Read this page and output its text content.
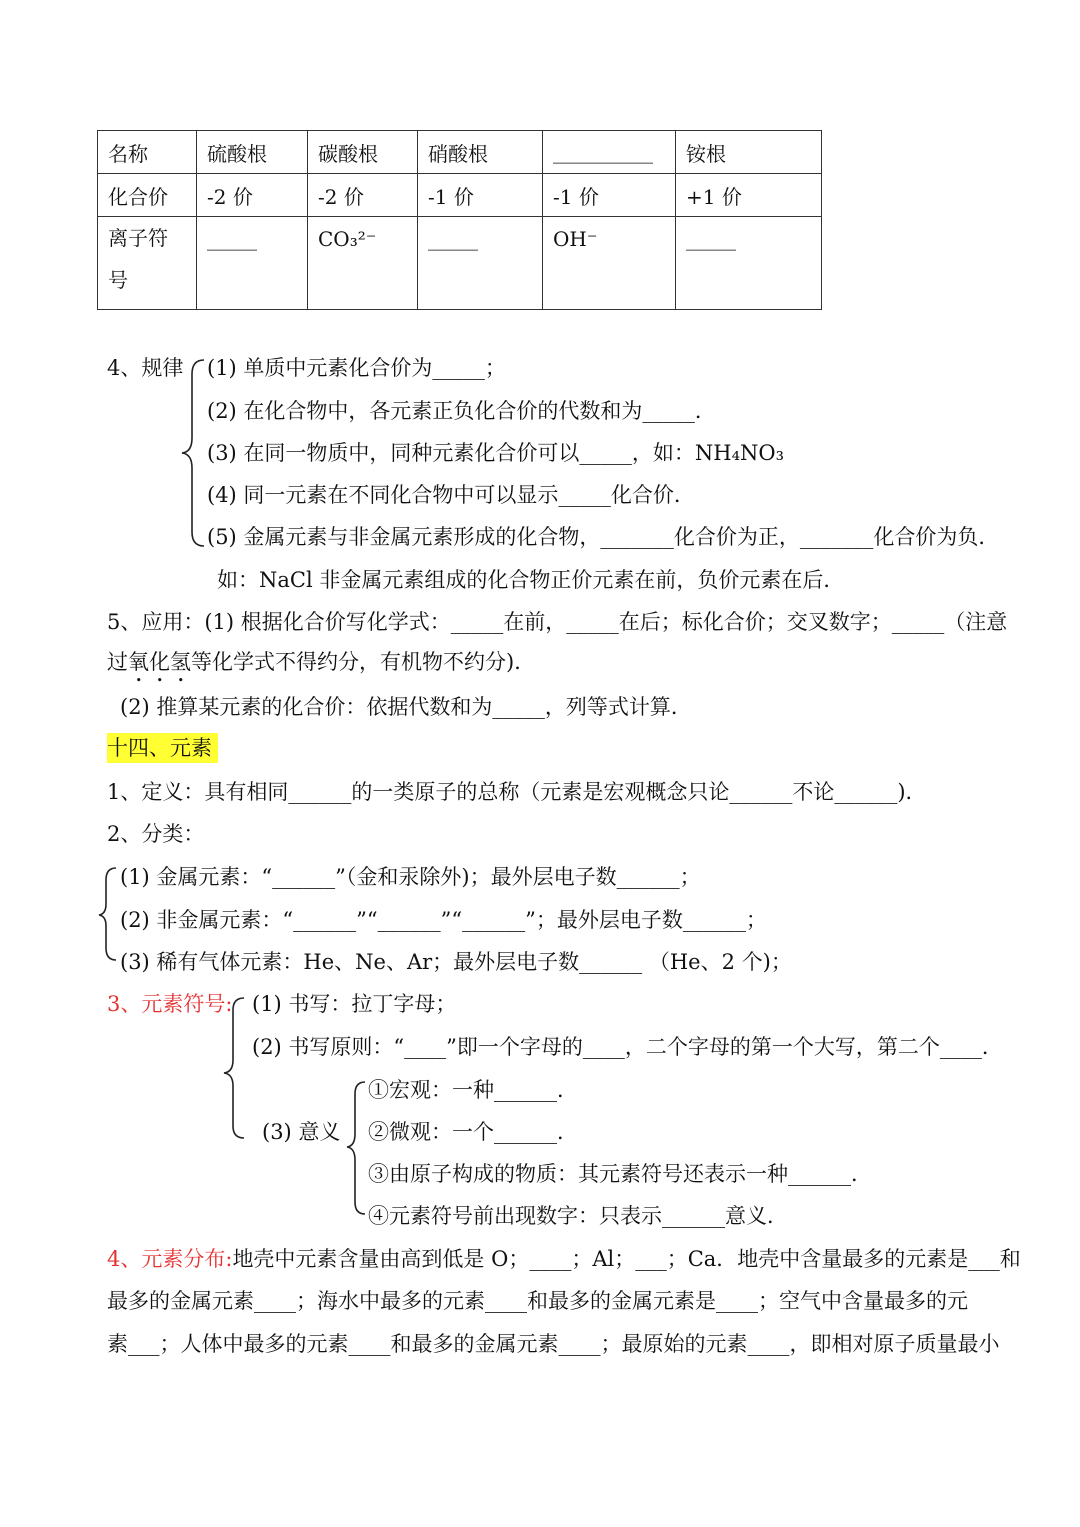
名称	硫酸根	碳酸根	硝酸根	__________	铵根
化合价	-2 价	-2 价	-1 价	-1 价	+1 价
离子符号	_____	CO₃²⁻	_____	OH⁻	_____
4、规律 (1) 单质中元素化合价为_____；
(2) 在化合物中，各元素正负化合价的代数和为_____．
(3) 在同一物质中，同种元素化合价可以_____，如：NH₄NO₃
(4) 同一元素在不同化合物中可以显示_____化合价．
(5) 金属元素与非金属元素形成的化合物，_______化合价为正，_______化合价为负．
如：NaCl 非金属元素组成的化合物正价元素在前，负价元素在后．
5、应用：(1) 根据化合价写化学式：_____在前，_____在后；标化合价；交叉数字；_____（注意
过氧化氢等化学式不得约分，有机物不约分)．
(2) 推算某元素的化合价：依据代数和为_____，列等式计算．
十四、元素
1、定义：具有相同______的一类原子的总称（元素是宏观概念只论______不论______)．
2、分类：
(1) 金属元素：“______”（金和汞除外)；最外层电子数______；
(2) 非金属元素：“______”“______”“______”；最外层电子数______；
(3) 稀有气体元素：He、Ne、Ar；最外层电子数______ （He、2 个)；
3、元素符号: (1) 书写：拉丁字母；
(2) 书写原则：“____”即一个字母的____，二个字母的第一个大写，第二个____．
(3) 意义
①宏观：一种______．
②微观：一个______．
③由原子构成的物质：其元素符号还表示一种______．
④元素符号前出现数字：只表示______意义．
4、元素分布:地壳中元素含量由高到低是 O；____；Al；___；Ca．地壳中含量最多的元素是___和
最多的金属元素____；海水中最多的元素____和最多的金属元素是____；空气中含量最多的元
素___；人体中最多的元素____和最多的金属元素____；最原始的元素____，即相对原子质量最小
